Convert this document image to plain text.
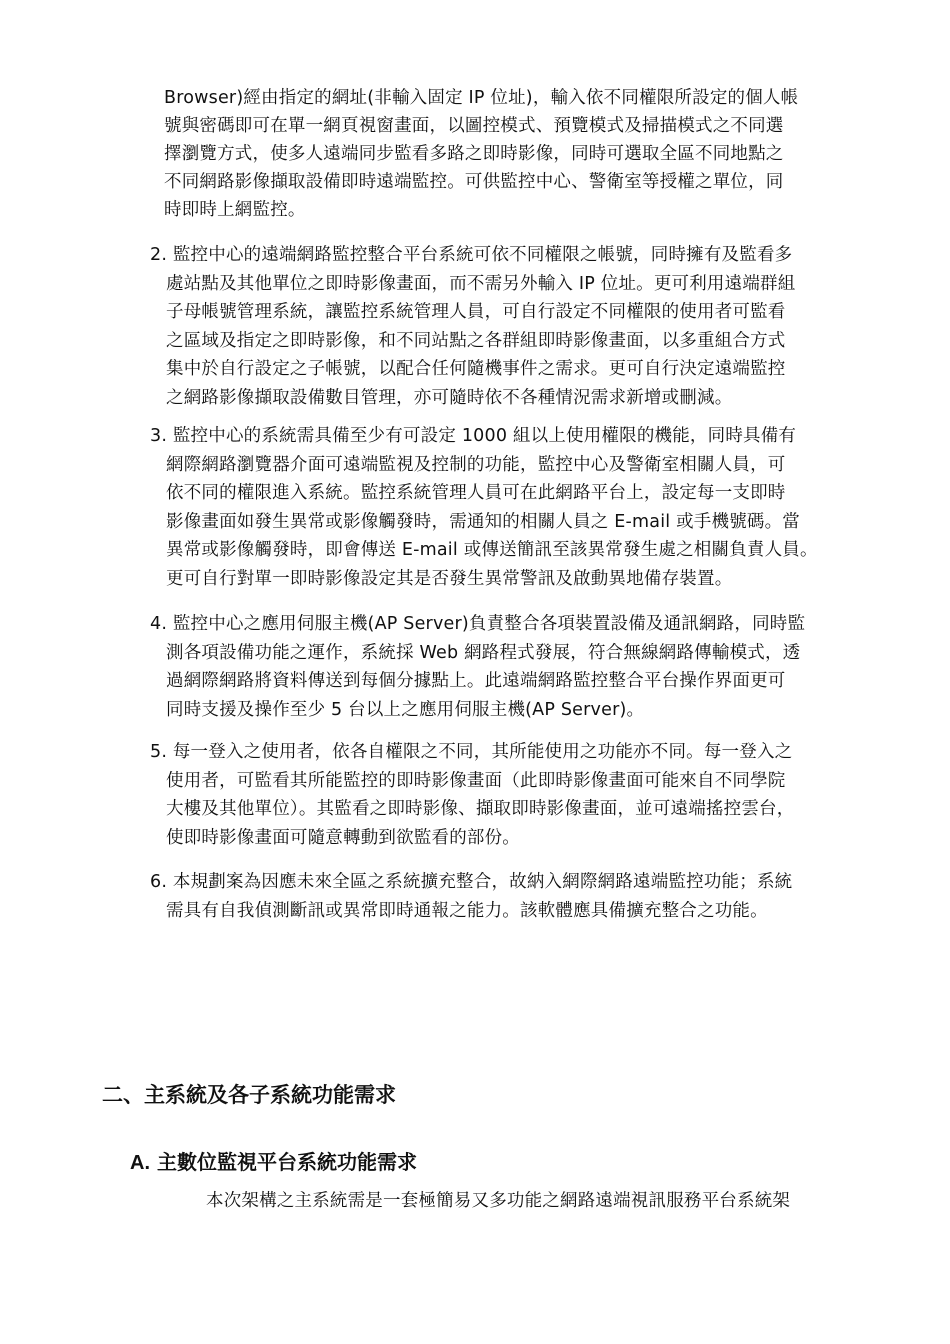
Browser)經由指定的網址(非輸入固定 IP 位址)，輸入依不同權限所設定的個人帳
號與密碼即可在單一網頁視窗畫面，以圖控模式、預覽模式及掃描模式之不同選
擇瀏覽方式，使多人遠端同步監看多路之即時影像，同時可選取全區不同地點之
不同網路影像擷取設備即時遠端監控。可供監控中心、警衛室等授權之單位，同
時即時上網監控。
2. 監控中心的遠端網路監控整合平台系統可依不同權限之帳號，同時擁有及監看多
處站點及其他單位之即時影像畫面，而不需另外輸入 IP 位址。更可利用遠端群組
子母帳號管理系統，讓監控系統管理人員，可自行設定不同權限的使用者可監看
之區域及指定之即時影像，和不同站點之各群組即時影像畫面，以多重組合方式
集中於自行設定之子帳號，以配合任何隨機事件之需求。更可自行決定遠端監控
之網路影像擷取設備數目管理，亦可隨時依不各種情況需求新增或刪減。
3. 監控中心的系統需具備至少有可設定 1000 組以上使用權限的機能，同時具備有
網際網路瀏覽器介面可遠端監視及控制的功能，監控中心及警衛室相關人員，可
依不同的權限進入系統。監控系統管理人員可在此網路平台上，設定每一支即時
影像畫面如發生異常或影像觸發時，需通知的相關人員之 E-mail 或手機號碼。當
異常或影像觸發時，即會傳送 E-mail 或傳送簡訊至該異常發生處之相關負責人員。
更可自行對單一即時影像設定其是否發生異常警訊及啟動異地備存裝置。
4. 監控中心之應用伺服主機(AP Server)負責整合各項裝置設備及通訊網路，同時監
測各項設備功能之運作，系統採 Web 網路程式發展，符合無線網路傳輸模式，透
過網際網路將資料傳送到每個分據點上。此遠端網路監控整合平台操作界面更可
同時支援及操作至少 5 台以上之應用伺服主機(AP Server)。
5. 每一登入之使用者，依各自權限之不同，其所能使用之功能亦不同。每一登入之
使用者，可監看其所能監控的即時影像畫面（此即時影像畫面可能來自不同學院
大樓及其他單位）。其監看之即時影像、擷取即時影像畫面，並可遠端搖控雲台，
使即時影像畫面可隨意轉動到欲監看的部份。
6. 本規劃案為因應未來全區之系統擴充整合，故納入網際網路遠端監控功能；系統
需具有自我偵測斷訊或異常即時通報之能力。該軟體應具備擴充整合之功能。
二、主系統及各子系統功能需求
A. 主數位監視平台系統功能需求
本次架構之主系統需是一套極簡易又多功能之網路遠端視訊服務平台系統架
